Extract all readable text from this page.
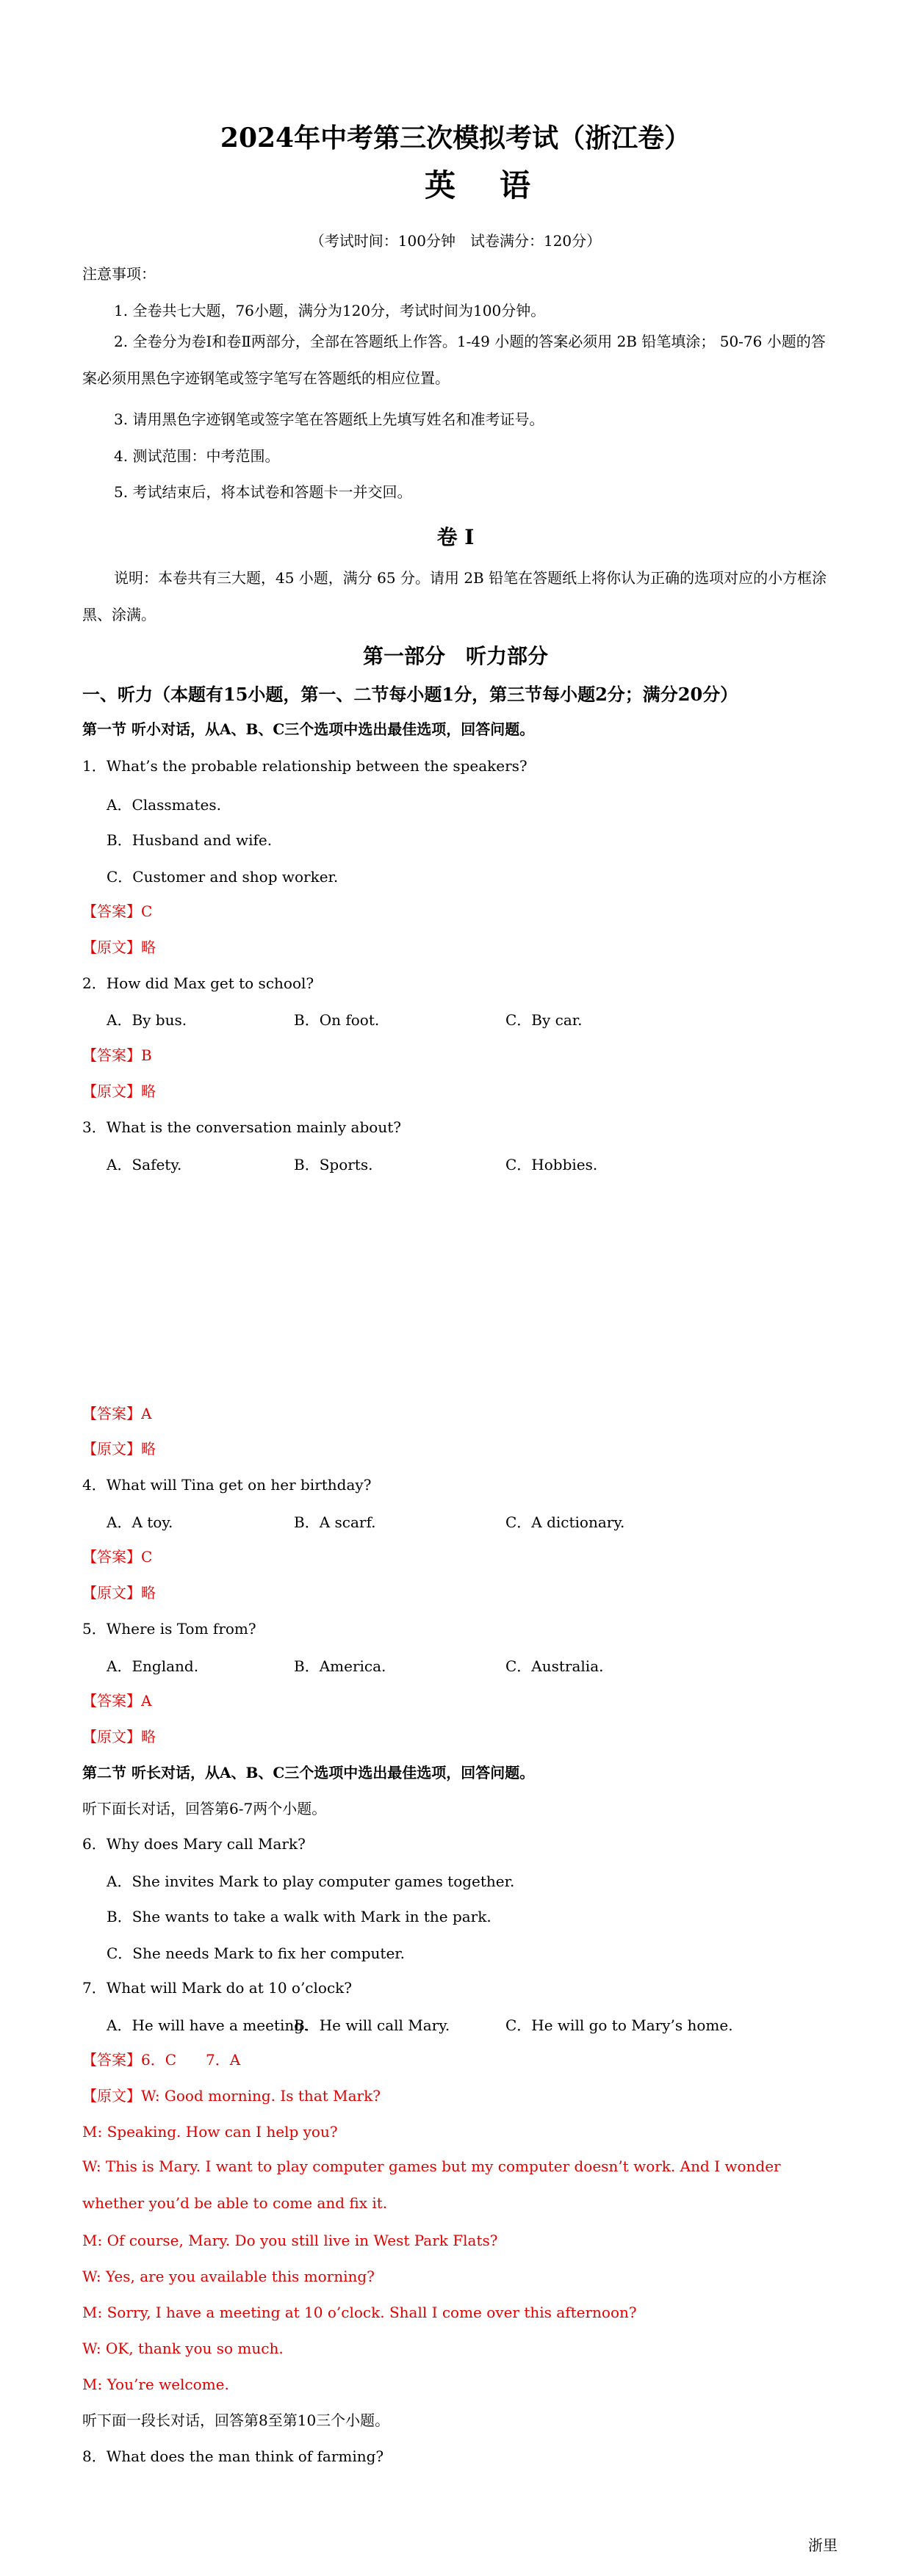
2024年中考第三次模拟考试（浙江卷）
英语
（考试时间：100分钟　试卷满分：120分）
注意事项：
1. 全卷共七大题，76小题，满分为120分，考试时间为100分钟。
2. 全卷分为卷Ⅰ和卷Ⅱ两部分，全部在答题纸上作答。1-49 小题的答案必须用 2B 铅笔填涂； 50-76 小题的答案必须用黑色字迹钢笔或签字笔写在答题纸的相应位置。
3. 请用黑色字迹钢笔或签字笔在答题纸上先填写姓名和准考证号。
4. 测试范围：中考范围。
5. 考试结束后，将本试卷和答题卡一并交回。
卷 Ⅰ
说明：本卷共有三大题，45 小题，满分 65 分。请用 2B 铅笔在答题纸上将你认为正确的选项对应的小方框涂黑、涂满。
第一部分　听力部分
一、听力（本题有15小题，第一、二节每小题1分，第三节每小题2分；满分20分）
第一节 听小对话，从A、B、C三个选项中选出最佳选项，回答问题。
1．What’s the probable relationship between the speakers?
A．Classmates.
B．Husband and wife.
C．Customer and shop worker.
【答案】C
【原文】略
2．How did Max get to school?
A．By bus.	B．On foot.	C．By car.
【答案】B
【原文】略
3．What is the conversation mainly about?
A．Safety.	B．Sports.	C．Hobbies.
【答案】A
【原文】略
4．What will Tina get on her birthday?
A．A toy.	B．A scarf.	C．A dictionary.
【答案】C
【原文】略
5．Where is Tom from?
A．England.	B．America.	C．Australia.
【答案】A
【原文】略
第二节 听长对话，从A、B、C三个选项中选出最佳选项，回答问题。
听下面长对话，回答第6-7两个小题。
6．Why does Mary call Mark?
A．She invites Mark to play computer games together.
B．She wants to take a walk with Mark in the park.
C．She needs Mark to fix her computer.
7．What will Mark do at 10 o’clock?
A．He will have a meeting.
B．He will call Mary.	C．He will go to Mary’s home.
【答案】6．C　　7．A
【原文】W: Good morning. Is that Mark?
M: Speaking. How can I help you?
W: This is Mary. I want to play computer games but my computer doesn’t work. And I wonder whether you’d be able to come and fix it.
M: Of course, Mary. Do you still live in West Park Flats?
W: Yes, are you available this morning?
M: Sorry, I have a meeting at 10 o’clock. Shall I come over this afternoon?
W: OK, thank you so much.
M: You’re welcome.
听下面一段长对话，回答第8至第10三个小题。
8．What does the man think of farming?
浙里
